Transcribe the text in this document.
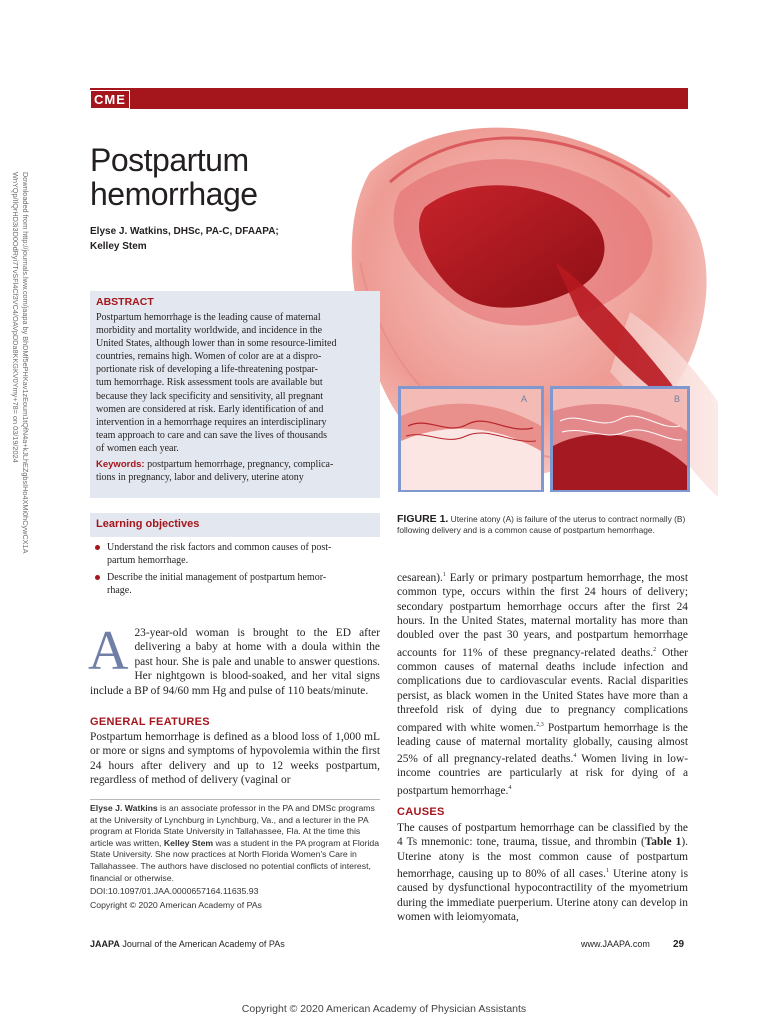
CME
Downloaded from http://journals.lww.com/jaapa by BhDMf5ePHKav1zEoum1tQfN4a+kJLhEZgbsIHo4XMi0hCywCX1A
WnYQp/IlQrHD3i3D0OdRyi7TvSFl4Cf3VC4/OAVpDDa8KKGKV0Ymy+78= on 03/19/2024
Postpartum hemorrhage
Elyse J. Watkins, DHSc, PA-C, DFAAPA;
Kelley Stem
A	B
ABSTRACT

Postpartum hemorrhage is the leading cause of maternal
morbidity and mortality worldwide, and incidence in the
United States, although lower than in some resource-limited
countries, remains high. Women of color are at a dispro-
portionate risk of developing a life-threatening postpar-
tum hemorrhage. Risk assessment tools are available but
because they lack specificity and sensitivity, all pregnant
women are considered at risk. Early identification of and
intervention in a hemorrhage requires an interdisciplinary
team approach to care and can save the lives of thousands
of women each year.

Keywords: postpartum hemorrhage, pregnancy, complica-
tions in pregnancy, labor and delivery, uterine atony

Learning objectives
Understand the risk factors and common causes of post-
partum hemorrhage.
Describe the initial management of postpartum hemor-
rhage.
A 23-year-old woman is brought to the ED after delivering a baby at home with a doula within the past hour. She is pale and unable to answer questions. Her nightgown is blood-soaked, and her vital signs include a BP of 94/60 mm Hg and pulse of 110 beats/minute.
GENERAL FEATURES
Postpartum hemorrhage is defined as a blood loss of 1,000 mL or more or signs and symptoms of hypovolemia within the first 24 hours after delivery and up to 12 weeks postpartum, regardless of method of delivery (vaginal or
Elyse J. Watkins is an associate professor in the PA and DMSc programs at the University of Lynchburg in Lynchburg, Va., and a lecturer in the PA program at Florida State University in Tallahassee, Fla. At the time this article was written, Kelley Stem was a student in the PA program at Florida State University. She now practices at North Florida Women's Care in Tallahassee. The authors have disclosed no potential conflicts of interest, financial or otherwise.
DOI:10.1097/01.JAA.0000657164.11635.93
Copyright © 2020 American Academy of PAs
FIGURE 1. Uterine atony (A) is failure of the uterus to contract normally (B) following delivery and is a common cause of postpartum hemorrhage.
cesarean).$^1$ Early or primary postpartum hemorrhage, the most common type, occurs within the first 24 hours of delivery; secondary postpartum hemorrhage occurs after the first 24 hours. In the United States, maternal mortality has more than doubled over the past 30 years, and postpartum hemorrhage accounts for 11% of these pregnancy-related deaths.$^2$ Other common causes of maternal deaths include infection and complications due to cardiovascular events. Racial disparities persist, as black women in the United States have more than a threefold risk of dying due to pregnancy complications compared with white women.$^{2,3}$ Postpartum hemorrhage is the leading cause of maternal mortality globally, causing almost 25% of all pregnancy-related deaths.$^4$ Women living in low-income countries are particularly at risk for dying of a postpartum hemorrhage.$^4$
CAUSES
The causes of postpartum hemorrhage can be classified by the 4 Ts mnemonic: tone, trauma, tissue, and thrombin (Table 1). Uterine atony is the most common cause of postpartum hemorrhage, causing up to 80% of all cases.$^1$ Uterine atony is caused by dysfunctional hypocontractility of the myometrium during the immediate puerperium. Uterine atony can develop in women with leiomyomata,
JAAPA Journal of the American Academy of PAs	www.JAAPA.com 29
Copyright © 2020 American Academy of Physician Assistants
